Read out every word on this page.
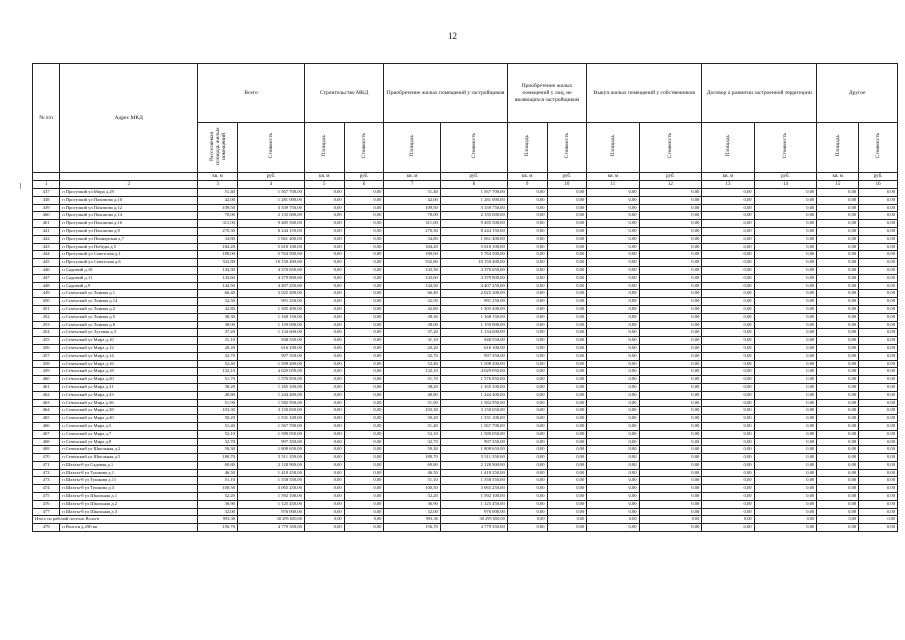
12
№ п/п	Адрес МКД	Всего		Строительство МКД		Приобретение жилых помещений у застройщиков		Приобретение жилых помещений у лиц, не являющихся застройщиком		Выкуп жилых помещений у собственников		Договор о развитии застроенной территории		Другое	
		Расселяемая площадь жилых помещений	Стоимость	Площадь	Стоимость	Площадь	Стоимость	Площадь	Стоимость	Площадь	Стоимость	Площадь	Стоимость	Площадь	Стоимость
		кв. м	руб.	кв. м	руб.	кв. м	руб.	кв. м	руб.	кв. м	руб.	кв. м	руб.	кв. м	руб.
1	2	3	4	5	6	7	8	9	10	11	12	13	14	15	16
437	п Прогулкий ул Мира д.29	51,40	1 567 700,00	0,00	0,00	51,40	1 567 700,00	0,00	0,00	0,00	0,00	0,00	0,00	0,00	0,00
438	п Прогулкий ул Пахомова д.10	42,00	1 281 000,00	0,00	0,00	42,00	1 281 000,00	0,00	0,00	0,00	0,00	0,00	0,00	0,00	0,00
439	п Прогулкий ул Пахомова д.12	109,50	3 339 750,00	0,00	0,00	109,50	3 339 750,00	0,00	0,00	0,00	0,00	0,00	0,00	0,00	0,00
460	п Прогулкий ул Пахомова д.14	70,00	2 135 000,00	0,00	0,00	70,00	2 135 000,00	0,00	0,00	0,00	0,00	0,00	0,00	0,00	0,00
461	п Прогулкий ул Пахомова д.16	311,00	9 485 500,00	0,00	0,00	311,00	9 485 500,00	0,00	0,00	0,00	0,00	0,00	0,00	0,00	0,00
441	п Прогулкий ул Пахомова д.8	270,30	8 244 150,00	0,00	0,00	270,30	8 244 150,00	0,00	0,00	0,00	0,00	0,00	0,00	0,00	0,00
442	п Прогулкий ул Пионерская д.7	34,80	1 061 400,00	0,00	0,00	34,80	1 061 400,00	0,00	0,00	0,00	0,00	0,00	0,00	0,00	0,00
443	п Прогулкий ул Победы д.5	184,20	5 618 100,00	0,00	0,00	184,20	5 618 100,00	0,00	0,00	0,00	0,00	0,00	0,00	0,00	0,00
444	п Прогулкий ул Советская д.1	189,00	5 764 500,00	0,00	0,00	189,00	5 764 500,00	0,00	0,00	0,00	0,00	0,00	0,00	0,00	0,00
445	п Прогулкий ул Советская д.6	332,80	10 150 400,00	0,00	0,00	332,80	10 150 400,00	0,00	0,00	0,00	0,00	0,00	0,00	0,00	0,00
446	п Садовый д.10	143,30	4 370 650,00	0,00	0,00	143,30	4 370 650,00	0,00	0,00	0,00	0,00	0,00	0,00	0,00	0,00
447	п Садовый д.11	143,60	4 379 800,00	0,00	0,00	143,60	4 379 800,00	0,00	0,00	0,00	0,00	0,00	0,00	0,00	0,00
448	п Садовый д.9	144,50	4 407 250,00	0,00	0,00	144,50	4 407 250,00	0,00	0,00	0,00	0,00	0,00	0,00	0,00	0,00
449	п Сеченский ул Ленина д.1	66,40	2 025 200,00	0,00	0,00	66,40	2 025 200,00	0,00	0,00	0,00	0,00	0,00	0,00	0,00	0,00
450	п Сеченский ул Ленина д.14	32,50	991 250,00	0,00	0,00	32,50	991 250,00	0,00	0,00	0,00	0,00	0,00	0,00	0,00	0,00
451	п Сеченский ул Ленина д.2	42,80	1 305 400,00	0,00	0,00	42,80	1 305 400,00	0,00	0,00	0,00	0,00	0,00	0,00	0,00	0,00
452	п Сеченский ул Ленина д.5	38,30	1 168 150,00	0,00	0,00	38,30	1 168 150,00	0,00	0,00	0,00	0,00	0,00	0,00	0,00	0,00
453	п Сеченский ул Ленина д.8	38,00	1 159 000,00	0,00	0,00	38,00	1 159 000,00	0,00	0,00	0,00	0,00	0,00	0,00	0,00	0,00
454	п Сеченский ул Луговая д.3	37,20	1 134 600,00	0,00	0,00	37,20	1 134 600,00	0,00	0,00	0,00	0,00	0,00	0,00	0,00	0,00
455	п Сеченский ул Мира д.10	31,10	948 550,00	0,00	0,00	31,10	948 550,00	0,00	0,00	0,00	0,00	0,00	0,00	0,00	0,00
456	п Сеченский ул Мира д.12	20,20	616 100,00	0,00	0,00	20,20	616 100,00	0,00	0,00	0,00	0,00	0,00	0,00	0,00	0,00
457	п Сеченский ул Мира д.14	32,70	997 350,00	0,00	0,00	32,70	997 350,00	0,00	0,00	0,00	0,00	0,00	0,00	0,00	0,00
458	п Сеченский ул Мира д.16	52,40	1 598 200,00	0,00	0,00	52,40	1 598 200,00	0,00	0,00	0,00	0,00	0,00	0,00	0,00	0,00
459	п Сеченский ул Мира д.18	132,10	4 029 050,00	0,00	0,00	132,10	4 029 050,00	0,00	0,00	0,00	0,00	0,00	0,00	0,00	0,00
460	п Сеченский ул Мира д.20	51,70	1 576 850,00	0,00	0,00	51,70	1 576 850,00	0,00	0,00	0,00	0,00	0,00	0,00	0,00	0,00
461	п Сеченский ул Мира д.31	38,20	1 165 100,00	0,00	0,00	38,20	1 165 100,00	0,00	0,00	0,00	0,00	0,00	0,00	0,00	0,00
462	п Сеченский ул Мира д.33	40,80	1 244 400,00	0,00	0,00	40,80	1 244 400,00	0,00	0,00	0,00	0,00	0,00	0,00	0,00	0,00
463	п Сеченский ул Мира д.36	51,90	1 582 950,00	0,00	0,00	51,90	1 582 950,00	0,00	0,00	0,00	0,00	0,00	0,00	0,00	0,00
464	п Сеченский ул Мира д.38	103,30	3 150 650,00	0,00	0,00	103,30	3 150 650,00	0,00	0,00	0,00	0,00	0,00	0,00	0,00	0,00
465	п Сеченский ул Мира д.40	50,20	1 531 100,00	0,00	0,00	50,20	1 531 100,00	0,00	0,00	0,00	0,00	0,00	0,00	0,00	0,00
466	п Сеченский ул Мира д.5	51,40	1 567 700,00	0,00	0,00	51,40	1 567 700,00	0,00	0,00	0,00	0,00	0,00	0,00	0,00	0,00
467	п Сеченский ул Мира д.7	52,10	1 589 050,00	0,00	0,00	52,10	1 589 050,00	0,00	0,00	0,00	0,00	0,00	0,00	0,00	0,00
468	п Сеченский ул Мира д.8	32,70	997 350,00	0,00	0,00	32,70	997 350,00	0,00	0,00	0,00	0,00	0,00	0,00	0,00	0,00
469	п Сеченский ул Школьная д.2	59,30	1 808 650,00	0,00	0,00	59,30	1 808 650,00	0,00	0,00	0,00	0,00	0,00	0,00	0,00	0,00
470	п Сеченский ул Школьная д.5	180,70	5 511 350,00	0,00	0,00	180,70	5 511 350,00	0,00	0,00	0,00	0,00	0,00	0,00	0,00	0,00
471	п Шахты-8 ул Садовая д.1	69,80	2 128 900,00	0,00	0,00	69,80	2 128 900,00	0,00	0,00	0,00	0,00	0,00	0,00	0,00	0,00
472	п Шахты-8 ул Тушкова д.1	46,50	1 418 250,00	0,00	0,00	46,50	1 418 250,00	0,00	0,00	0,00	0,00	0,00	0,00	0,00	0,00
473	п Шахты-8 ул Тушкова д.11	51,10	1 558 550,00	0,00	0,00	51,10	1 558 550,00	0,00	0,00	0,00	0,00	0,00	0,00	0,00	0,00
474	п Шахты-8 ул Тушкова д.3	100,50	3 065 250,00	0,00	0,00	100,50	3 065 250,00	0,00	0,00	0,00	0,00	0,00	0,00	0,00	0,00
475	п Шахты-8 ул Школьная д.1	52,20	1 592 100,00	0,00	0,00	52,20	1 592 100,00	0,00	0,00	0,00	0,00	0,00	0,00	0,00	0,00
476	п Шахты-8 ул Школьная д.2	36,90	1 125 450,00	0,00	0,00	36,90	1 125 450,00	0,00	0,00	0,00	0,00	0,00	0,00	0,00	0,00
477	п Шахты-8 ул Школьная д.3	32,00	976 000,00	0,00	0,00	32,00	976 000,00	0,00	0,00	0,00	0,00	0,00	0,00	0,00	0,00
Итого по рабочий поселок Вологн		993,30	30 295 650,00	0,00	0,00	993,30	30 295 650,00	0,00	0,00	0,00	0,00	0,00	0,00	0,00	0,00
479	п Вологн д.290 кв	156,70	4 779 350,00	0,00	0,00	156,70	4 779 350,00	0,00	0,00	0,00	0,00	0,00	0,00	0,00	0,00
